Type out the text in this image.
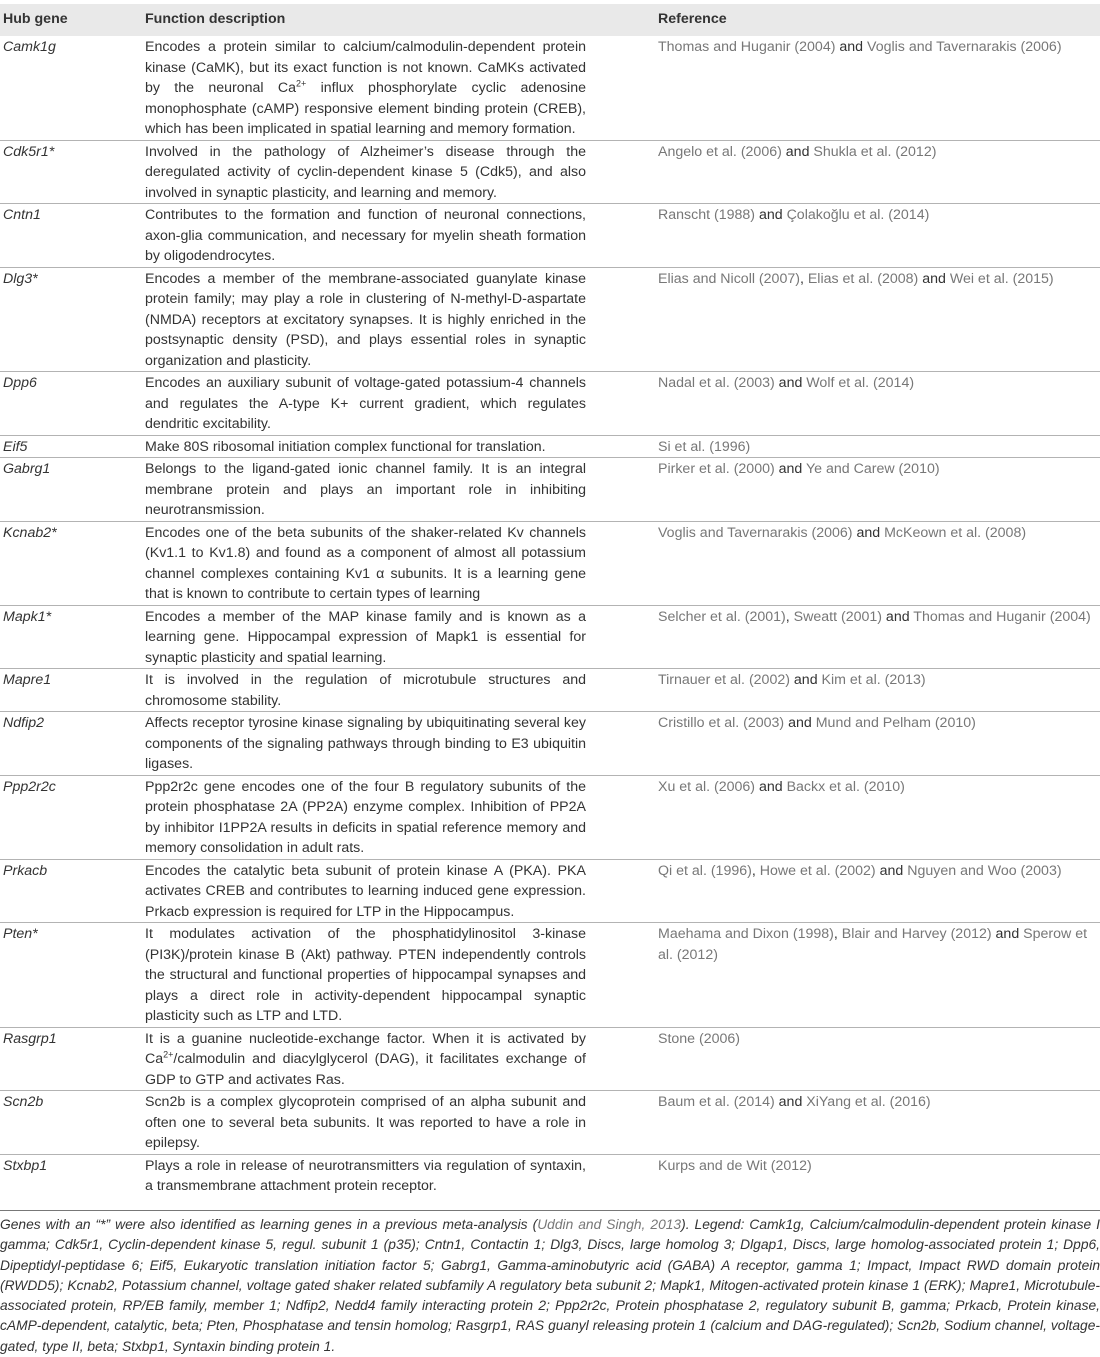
Hub gene	Function description	Reference
Camk1g	Encodes a protein similar to calcium/calmodulin-dependent protein kinase (CaMK), but its exact function is not known. CaMKs activated by the neuronal $Ca^{2+}$ influx phosphorylate cyclic adenosine monophosphate (cAMP) responsive element binding protein (CREB), which has been implicated in spatial learning and memory formation.	Thomas and Huganir (2004) and Voglis and Tavernarakis (2006)
Cdk5r1*	Involved in the pathology of Alzheimer’s disease through the deregulated activity of cyclin-dependent kinase 5 (Cdk5), and also involved in synaptic plasticity, and learning and memory.	Angelo et al. (2006) and Shukla et al. (2012)
Cntn1	Contributes to the formation and function of neuronal connections, axon-glia communication, and necessary for myelin sheath formation by oligodendrocytes.	Ranscht (1988) and Çolakoğlu et al. (2014)
Dlg3*	Encodes a member of the membrane-associated guanylate kinase protein family; may play a role in clustering of N-methyl-D-aspartate (NMDA) receptors at excitatory synapses. It is highly enriched in the postsynaptic density (PSD), and plays essential roles in synaptic organization and plasticity.	Elias and Nicoll (2007), Elias et al. (2008) and Wei et al. (2015)
Dpp6	Encodes an auxiliary subunit of voltage-gated potassium-4 channels and regulates the A-type K+ current gradient, which regulates dendritic excitability.	Nadal et al. (2003) and Wolf et al. (2014)
Eif5	Make 80S ribosomal initiation complex functional for translation.	Si et al. (1996)
Gabrg1	Belongs to the ligand-gated ionic channel family. It is an integral membrane protein and plays an important role in inhibiting neurotransmission.	Pirker et al. (2000) and Ye and Carew (2010)
Kcnab2*	Encodes one of the beta subunits of the shaker-related Kv channels (Kv1.1 to Kv1.8) and found as a component of almost all potassium channel complexes containing Kv1 α subunits. It is a learning gene that is known to contribute to certain types of learning	Voglis and Tavernarakis (2006) and McKeown et al. (2008)
Mapk1*	Encodes a member of the MAP kinase family and is known as a learning gene. Hippocampal expression of Mapk1 is essential for synaptic plasticity and spatial learning.	Selcher et al. (2001), Sweatt (2001) and Thomas and Huganir (2004)
Mapre1	It is involved in the regulation of microtubule structures and chromosome stability.	Tirnauer et al. (2002) and Kim et al. (2013)
Ndfip2	Affects receptor tyrosine kinase signaling by ubiquitinating several key components of the signaling pathways through binding to E3 ubiquitin ligases.	Cristillo et al. (2003) and Mund and Pelham (2010)
Ppp2r2c	Ppp2r2c gene encodes one of the four B regulatory subunits of the protein phosphatase 2A (PP2A) enzyme complex. Inhibition of PP2A by inhibitor I1PP2A results in deficits in spatial reference memory and memory consolidation in adult rats.	Xu et al. (2006) and Backx et al. (2010)
Prkacb	Encodes the catalytic beta subunit of protein kinase A (PKA). PKA activates CREB and contributes to learning induced gene expression. Prkacb expression is required for LTP in the Hippocampus.	Qi et al. (1996), Howe et al. (2002) and Nguyen and Woo (2003)
Pten*	It modulates activation of the phosphatidylinositol 3-kinase (PI3K)/protein kinase B (Akt) pathway. PTEN independently controls the structural and functional properties of hippocampal synapses and plays a direct role in activity-dependent hippocampal synaptic plasticity such as LTP and LTD.	Maehama and Dixon (1998), Blair and Harvey (2012) and Sperow et al. (2012)
Rasgrp1	It is a guanine nucleotide-exchange factor. When it is activated by $Ca^{2+}$/calmodulin and diacylglycerol (DAG), it facilitates exchange of GDP to GTP and activates Ras.	Stone (2006)
Scn2b	Scn2b is a complex glycoprotein comprised of an alpha subunit and often one to several beta subunits. It was reported to have a role in epilepsy.	Baum et al. (2014) and XiYang et al. (2016)
Stxbp1	Plays a role in release of neurotransmitters via regulation of syntaxin, a transmembrane attachment protein receptor.	Kurps and de Wit (2012)
Genes with an “*” were also identified as learning genes in a previous meta-analysis (Uddin and Singh, 2013). Legend: Camk1g, Calcium/calmodulin-dependent protein kinase I gamma; Cdk5r1, Cyclin-dependent kinase 5, regul. subunit 1 (p35); Cntn1, Contactin 1; Dlg3, Discs, large homolog 3; Dlgap1, Discs, large homolog-associated protein 1; Dpp6, Dipeptidyl-peptidase 6; Eif5, Eukaryotic translation initiation factor 5; Gabrg1, Gamma-aminobutyric acid (GABA) A receptor, gamma 1; Impact, Impact RWD domain protein (RWDD5); Kcnab2, Potassium channel, voltage gated shaker related subfamily A regulatory beta subunit 2; Mapk1, Mitogen-activated protein kinase 1 (ERK); Mapre1, Microtubule-associated protein, RP/EB family, member 1; Ndfip2, Nedd4 family interacting protein 2; Ppp2r2c, Protein phosphatase 2, regulatory subunit B, gamma; Prkacb, Protein kinase, cAMP-dependent, catalytic, beta; Pten, Phosphatase and tensin homolog; Rasgrp1, RAS guanyl releasing protein 1 (calcium and DAG-regulated); Scn2b, Sodium channel, voltage-gated, type II, beta; Stxbp1, Syntaxin binding protein 1.
